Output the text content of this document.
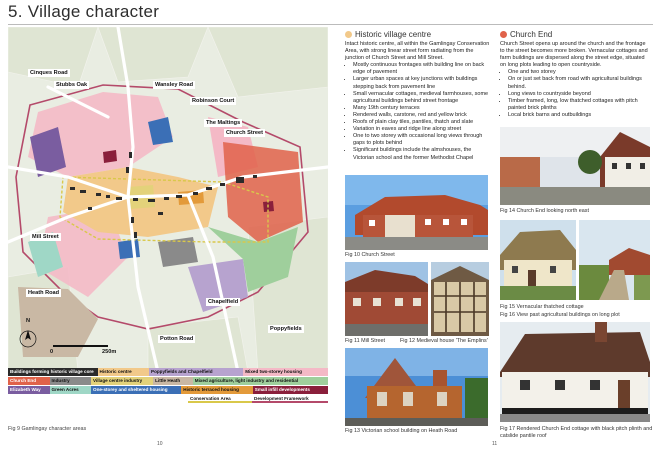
5. Village character
Cinques Road
Stubbs Oak	Wansley Road
Robinson Court
The Maltings
Church Street
Mill Street
Heath Road
Chapelfield
Poppyfields
Potton Road
N
0	250m
Buildings forming historic village core	Historic centre	Poppyfields and Chapelfield	Mixed two-storey housing
Church End	Industry	Village centre industry	Little Heath	Mixed agriculture, light industry and residential
Elizabeth Way	Green Acres	One-storey and sheltered housing	Historic terraced housing	Small infill developments
Conservation Area	Development Framework
Fig 9 Gamlingay character areas
10
Historic village centre
Intact historic centre, all within the Gamlingay Conservation Area, with strong linear street form radiating from the junction of Church Street and Mill Street.
• Mostly continuous frontages with building line on back edge of pavement
• Larger urban spaces at key junctions with buildings stepping back from pavement line
• Small vernacular cottages, medieval farmhouses, some agricultural buildings behind street frontage
• Many 19th century terraces
• Rendered walls, carstone, red and yellow brick
• Roofs of plain clay tiles, pantiles, thatch and slate
• Variation in eaves and ridge line along street
• One to two storey with occasional long views through gaps to plots behind
• Significant buildings include the almshouses, the Victorian school and the former Methodist Chapel
Fig 10 Church Street
Fig 11 Mill Street	Fig 12 Medieval house 'The Emplins'
Fig 13 Victorian school building on Heath Road
Church End
Church Street opens up around the church and the frontage to the street becomes more broken. Vernacular cottages and farm buildings are dispersed along the street edge, situated on long plots leading to open countryside.
• One and two storey
• On or just set back from road with agricultural buildings behind.
• Long views to countryside beyond
• Timber framed, long, low thatched cottages with pitch painted brick plinths
• Local brick barns and outbuildings
Fig 14 Church End looking north east
Fig 15 Vernacular thatched cottage
Fig 16 View past agricultural buildings on long plot
Fig 17 Rendered Church End cottage with black pitch plinth and catslide pantile roof
11
